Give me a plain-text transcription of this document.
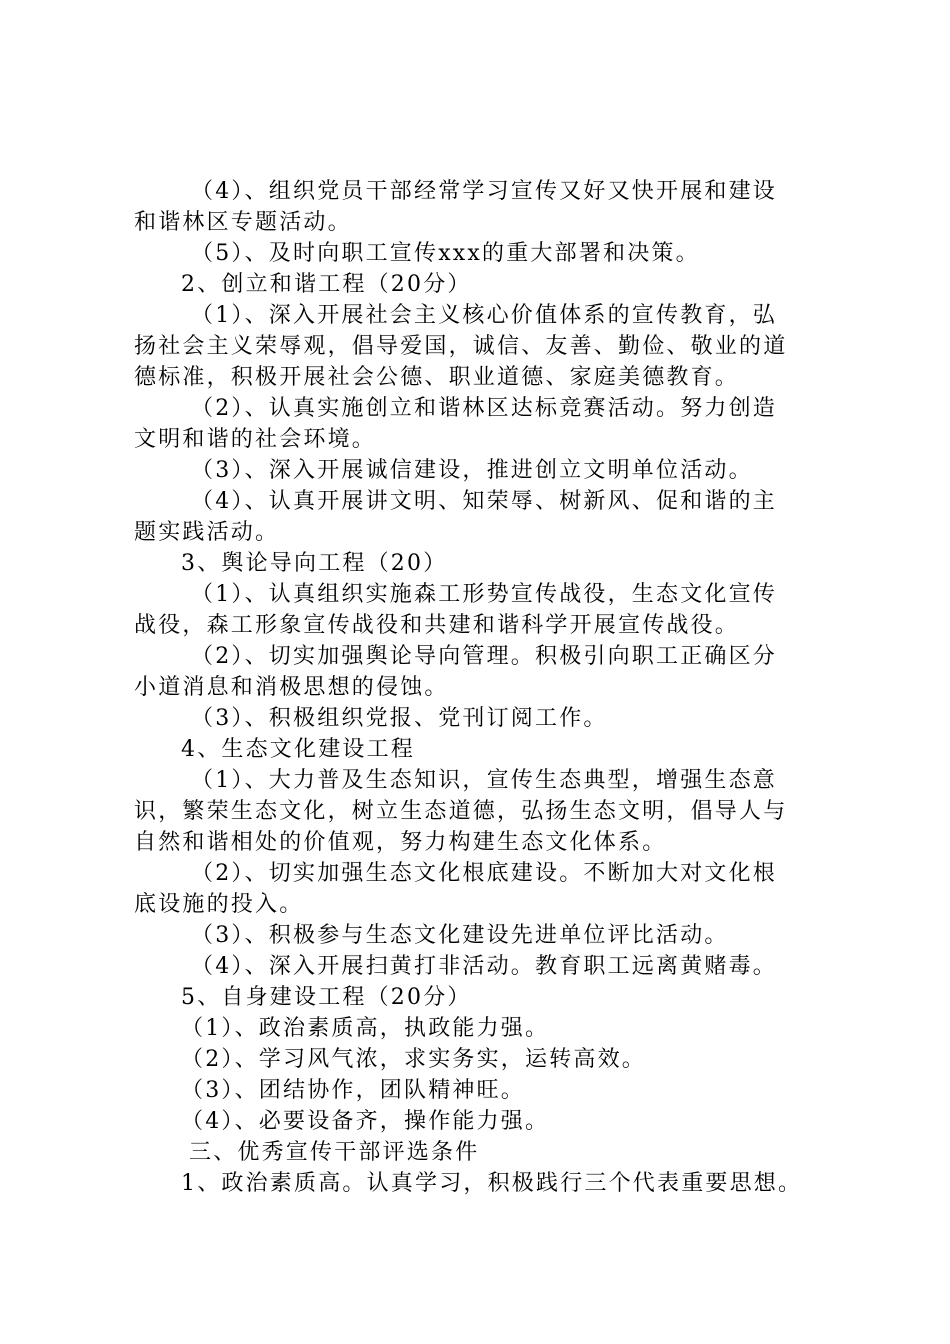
（4）、组织党员干部经常学习宣传又好又快开展和建设
和谐林区专题活动。
（5）、及时向职工宣传xxx的重大部署和决策。
2、创立和谐工程（20分）
（1）、深入开展社会主义核心价值体系的宣传教育，弘
扬社会主义荣辱观，倡导爱国，诚信、友善、勤俭、敬业的道
德标准，积极开展社会公德、职业道德、家庭美德教育。
（2）、认真实施创立和谐林区达标竞赛活动。努力创造
文明和谐的社会环境。
（3）、深入开展诚信建设，推进创立文明单位活动。
（4）、认真开展讲文明、知荣辱、树新风、促和谐的主
题实践活动。
3、舆论导向工程（20）
（1）、认真组织实施森工形势宣传战役，生态文化宣传
战役，森工形象宣传战役和共建和谐科学开展宣传战役。
（2）、切实加强舆论导向管理。积极引向职工正确区分
小道消息和消极思想的侵蚀。
（3）、积极组织党报、党刊订阅工作。
4、生态文化建设工程
（1）、大力普及生态知识，宣传生态典型，增强生态意
识，繁荣生态文化，树立生态道德，弘扬生态文明，倡导人与
自然和谐相处的价值观，努力构建生态文化体系。
（2）、切实加强生态文化根底建设。不断加大对文化根
底设施的投入。
（3）、积极参与生态文化建设先进单位评比活动。
（4）、深入开展扫黄打非活动。教育职工远离黄赌毒。
5、自身建设工程（20分）
（1）、政治素质高，执政能力强。
（2）、学习风气浓，求实务实，运转高效。
（3）、团结协作，团队精神旺。
（4）、必要设备齐，操作能力强。
三、优秀宣传干部评选条件
1、政治素质高。认真学习，积极践行三个代表重要思想。
